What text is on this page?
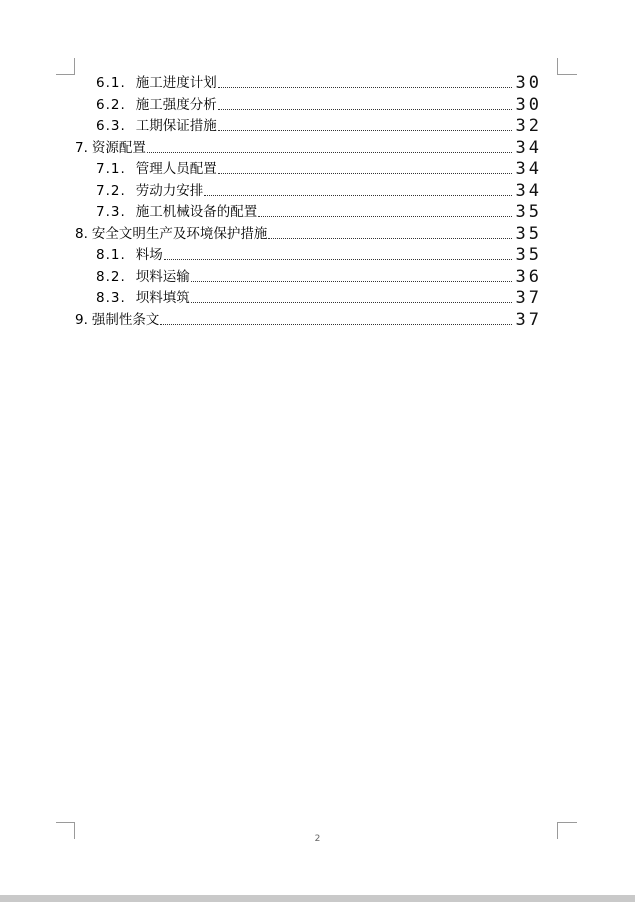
6.1. 施工进度计划	30
6.2. 施工强度分析	30
6.3. 工期保证措施	32
7. 资源配置	34
7.1. 管理人员配置	34
7.2. 劳动力安排	34
7.3. 施工机械设备的配置	35
8. 安全文明生产及环境保护措施	35
8.1. 料场	35
8.2. 坝料运输	36
8.3. 坝料填筑	37
9. 强制性条文	37
2
